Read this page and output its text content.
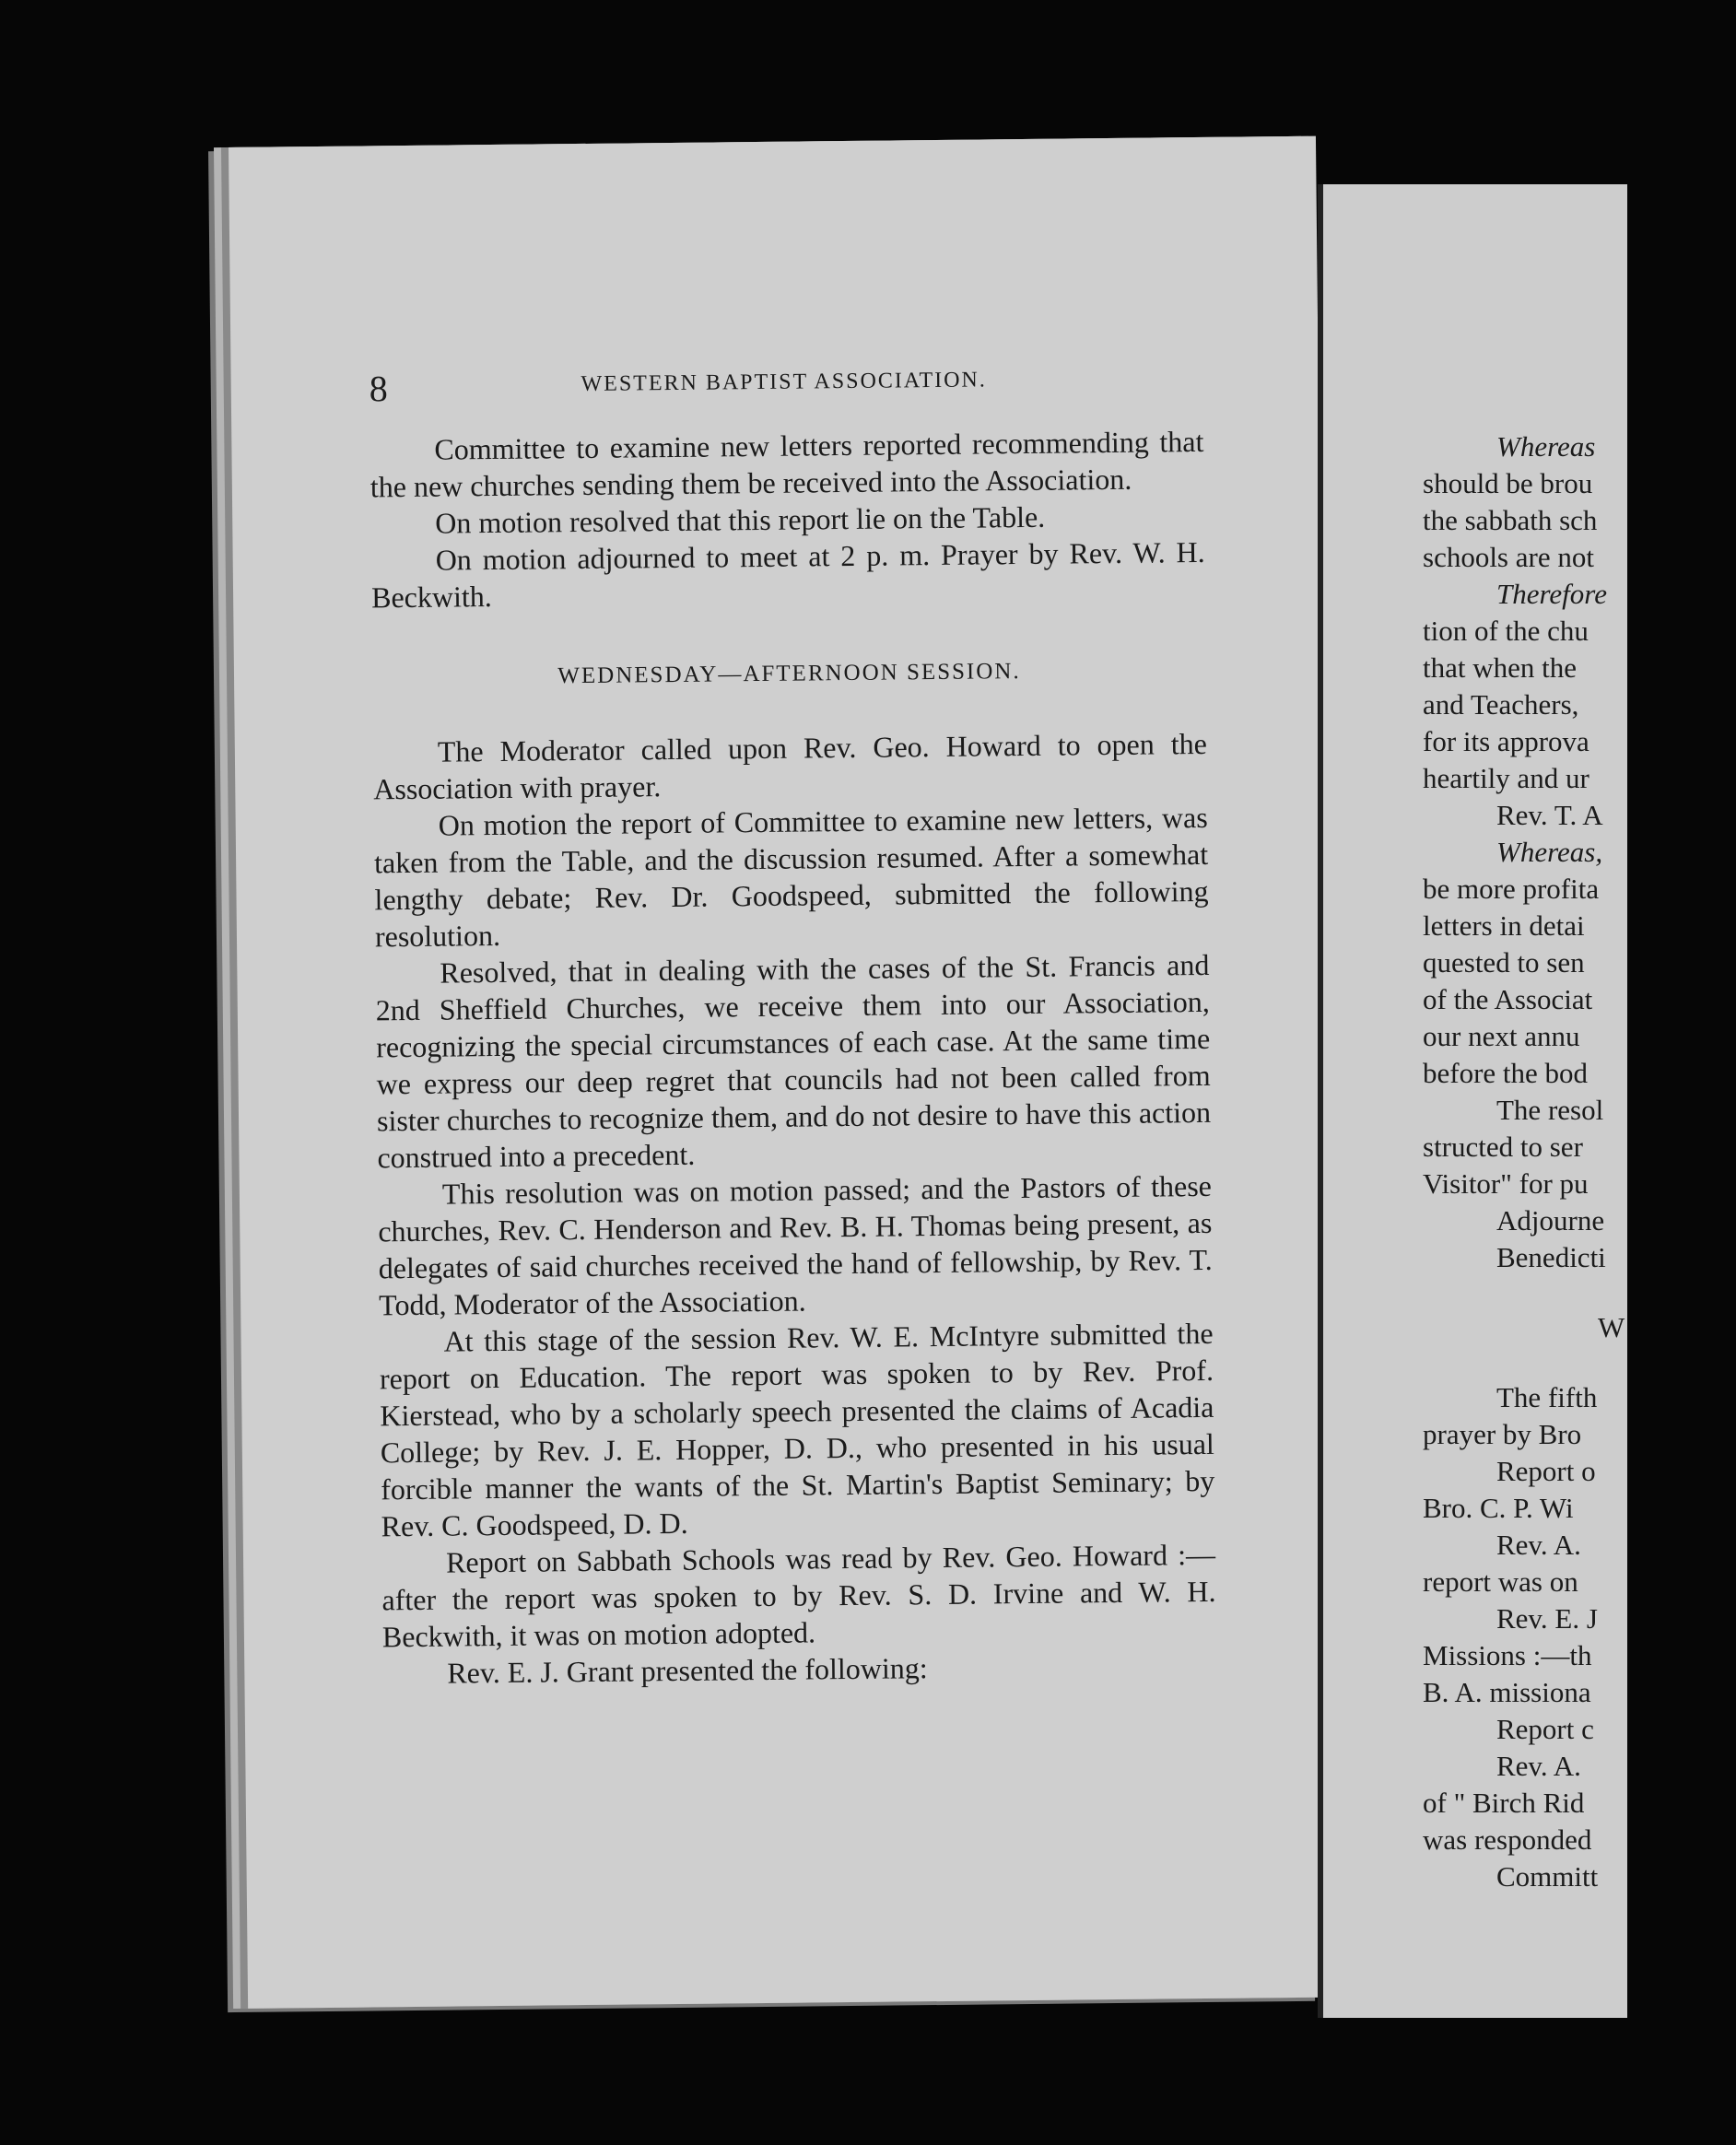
8	WESTERN BAPTIST ASSOCIATION.

Committee to examine new letters reported recommending that the new churches sending them be received into the Association.

On motion resolved that this report lie on the Table.

On motion adjourned to meet at 2 p. m. Prayer by Rev. W. H. Beckwith.

WEDNESDAY—AFTERNOON SESSION.

The Moderator called upon Rev. Geo. Howard to open the Association with prayer.

On motion the report of Committee to examine new letters, was taken from the Table, and the discussion resumed. After a somewhat lengthy debate; Rev. Dr. Goodspeed, submitted the following resolution.

Resolved, that in dealing with the cases of the St. Francis and 2nd Sheffield Churches, we receive them into our Association, recognizing the special circumstances of each case. At the same time we express our deep regret that councils had not been called from sister churches to recognize them, and do not desire to have this action construed into a precedent.

This resolution was on motion passed; and the Pastors of these churches, Rev. C. Henderson and Rev. B. H. Thomas being present, as delegates of said churches received the hand of fellowship, by Rev. T. Todd, Moderator of the Association.

At this stage of the session Rev. W. E. McIntyre submitted the report on Education. The report was spoken to by Rev. Prof. Kierstead, who by a scholarly speech presented the claims of Acadia College; by Rev. J. E. Hopper, D. D., who presented in his usual forcible manner the wants of the St. Martin's Baptist Seminary; by Rev. C. Goodspeed, D. D.

Report on Sabbath Schools was read by Rev. Geo. Howard :—after the report was spoken to by Rev. S. D. Irvine and W. H. Beckwith, it was on motion adopted.

Rev. E. J. Grant presented the following:

Whereas

should be brou

the sabbath sch

schools are not

Therefore

tion of the chu

that when the

and Teachers,

for its approva

heartily and ur

Rev. T. A

Whereas,

be more profita

letters in detai

quested to sen

of the Associat

our next annu

before the bod

The resol

structed to ser

Visitor" for pu

Adjourne

Benedicti

W

The fifth

prayer by Bro

Report o

Bro. C. P. Wi

Rev. A.

report was on

Rev. E. J

Missions :—th

B. A. missiona

Report c

Rev. A.

of " Birch Rid

was responded

Committ
